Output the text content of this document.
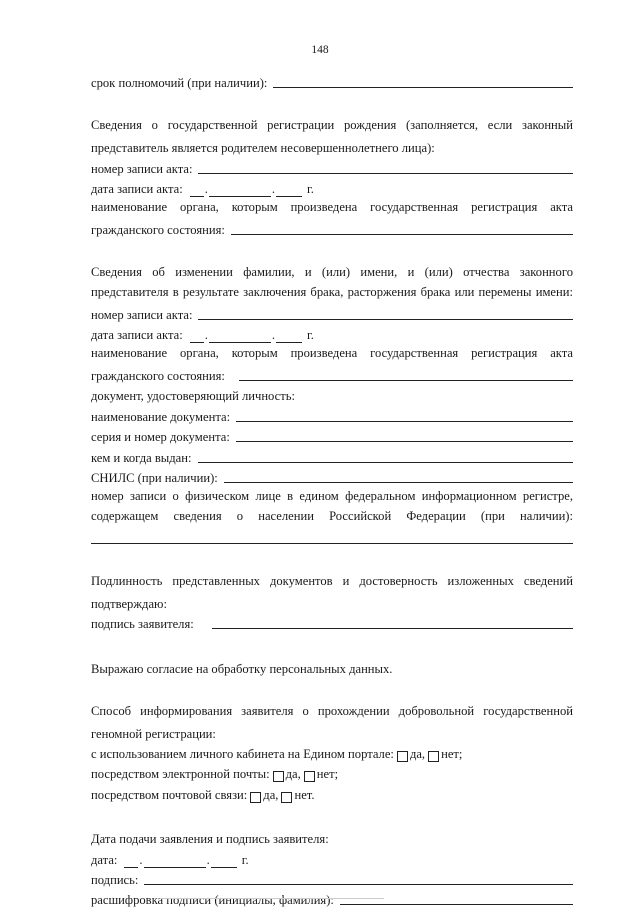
148
срок полномочий (при наличии):
Сведения о государственной регистрации рождения (заполняется, если законный
представитель является родителем несовершеннолетнего лица):
номер записи акта:
дата записи акта:	.	.	г.
наименование органа, которым произведена государственная регистрация акта
гражданского состояния:
Сведения об изменении фамилии, и (или) имени, и (или) отчества законного
представителя в результате заключения брака, расторжения брака или перемены имени:
номер записи акта:
дата записи акта:	.	.	г.
наименование органа, которым произведена государственная регистрация акта
гражданского состояния:
документ, удостоверяющий личность:
наименование документа:
серия и номер документа:
кем и когда выдан:
СНИЛС (при наличии):
номер записи о физическом лице в едином федеральном информационном регистре,
содержащем сведения о населении Российской Федерации (при наличии):
Подлинность представленных документов и достоверность изложенных сведений
подтверждаю:
подпись заявителя:
Выражаю согласие на обработку персональных данных.
Способ информирования заявителя о прохождении добровольной государственной
геномной регистрации:
с использованием личного кабинета на Едином портале: да, нет;
посредством электронной почты: да, нет;
посредством почтовой связи: да, нет.
Дата подачи заявления и подпись заявителя:
дата:	.	.	г.
подпись:
расшифровка подписи (инициалы, фамилия):
